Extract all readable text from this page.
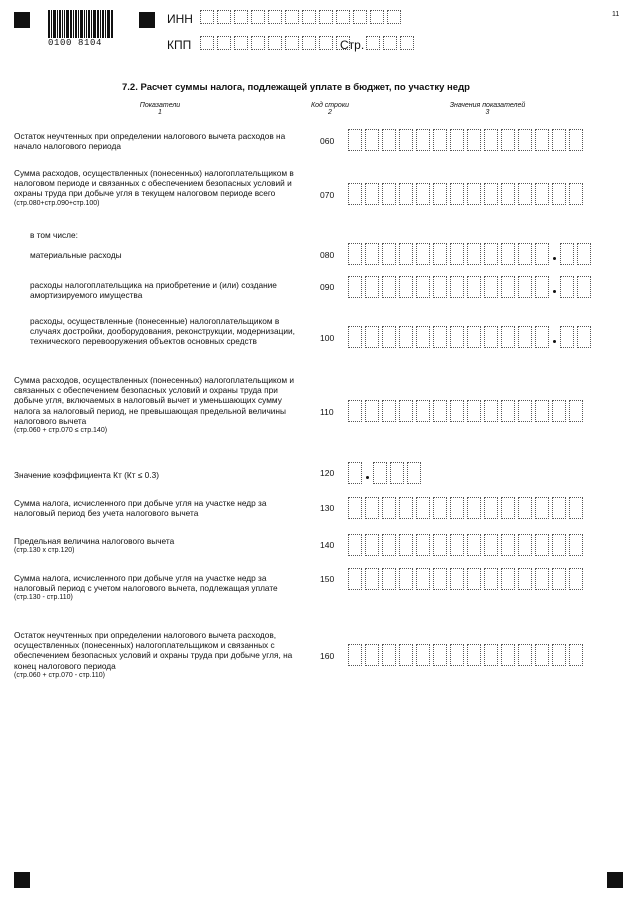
0100 8104
ИНН
КПП	Стр.
11
7.2. Расчет суммы налога, подлежащей уплате в бюджет, по участку недр
Показатели
1
Код строки
2
Значения показателей
3
Остаток неучтенных при определении налогового вычета расходов на начало налогового периода
060
Сумма расходов, осуществленных (понесенных) налогоплательщиком в налоговом периоде и связанных с обеспечением безопасных условий и охраны труда при добыче угля в текущем налоговом периоде всего
(стр.080+стр.090+стр.100)
070
в том числе:
материальные расходы	080
расходы налогоплательщика на приобретение и (или) создание амортизируемого имущества
090
расходы, осуществленные (понесенные) налогоплательщиком в случаях достройки, дооборудования, реконструкции, модернизации, технического перевооружения объектов основных средств	100
Сумма расходов, осуществленных (понесенных) налогоплательщиком и связанных с обеспечением безопасных условий и охраны труда при добыче угля, включаемых в налоговый вычет и уменьшающих сумму налога за налоговый период, не превышающая предельной величины налогового вычета
(стр.060 + стр.070 ≤ стр.140)
110
Значение коэффициента Кт (Кт ≤ 0.3)	120
Сумма налога, исчисленного при добыче угля на участке недр за налоговый период без учета налогового вычета
130
Предельная величина налогового вычета
(стр.130 х стр.120)
140
Сумма налога, исчисленного при добыче угля на участке недр за налоговый период с учетом налогового вычета, подлежащая уплате
(стр.130 - стр.110)
150
Остаток неучтенных при определении налогового вычета расходов, осуществленных (понесенных) налогоплательщиком и связанных с обеспечением безопасных условий и охраны труда при добыче угля, на конец налогового периода
(стр.060 + стр.070 - стр.110)
160
